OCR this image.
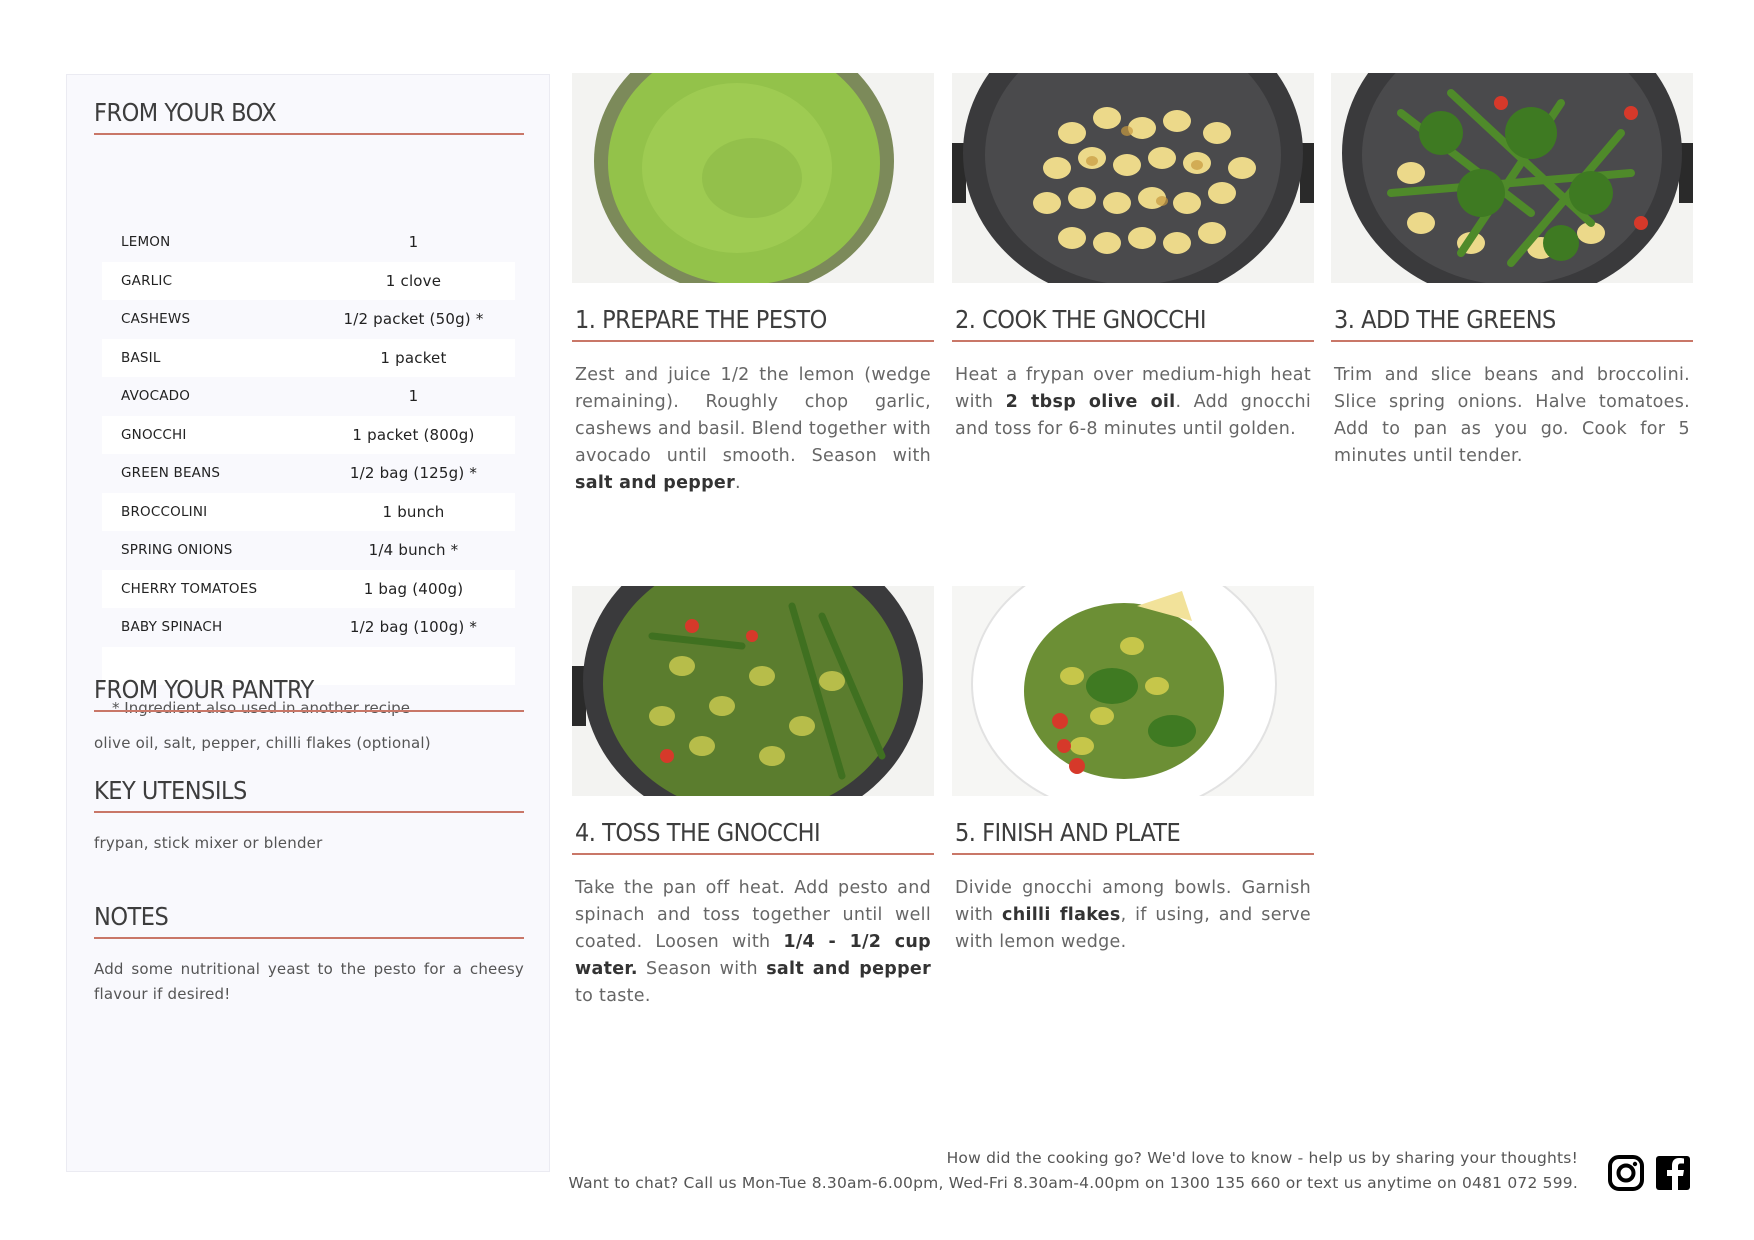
FROM YOUR BOX
LEMON	1
GARLIC	1 clove
CASHEWS	1/2 packet (50g) *
BASIL	1 packet
AVOCADO	1
GNOCCHI	1 packet (800g)
GREEN BEANS	1/2 bag (125g) *
BROCCOLINI	1 bunch
SPRING ONIONS	1/4 bunch *
CHERRY TOMATOES	1 bag (400g)
BABY SPINACH	1/2 bag (100g) *
* Ingredient also used in another recipe
FROM YOUR PANTRY
olive oil, salt, pepper, chilli flakes (optional)
KEY UTENSILS
frypan, stick mixer or blender
NOTES
Add some nutritional yeast to the pesto for a cheesy flavour if desired!
1. PREPARE THE PESTO
Zest and juice 1/2 the lemon (wedge remaining). Roughly chop garlic, cashews and basil. Blend together with avocado until smooth. Season with salt and pepper.
2. COOK THE GNOCCHI
Heat a frypan over medium-high heat with 2 tbsp olive oil. Add gnocchi and toss for 6-8 minutes until golden.
3. ADD THE GREENS
Trim and slice beans and broccolini. Slice spring onions. Halve tomatoes. Add to pan as you go. Cook for 5 minutes until tender.
4. TOSS THE GNOCCHI
Take the pan off heat. Add pesto and spinach and toss together until well coated. Loosen with 1/4 - 1/2 cup water. Season with salt and pepper to taste.
5. FINISH AND PLATE
Divide gnocchi among bowls. Garnish with chilli flakes, if using, and serve with lemon wedge.
How did the cooking go? We'd love to know - help us by sharing your thoughts!
Want to chat? Call us Mon-Tue 8.30am-6.00pm, Wed-Fri 8.30am-4.00pm on 1300 135 660 or text us anytime on 0481 072 599.
